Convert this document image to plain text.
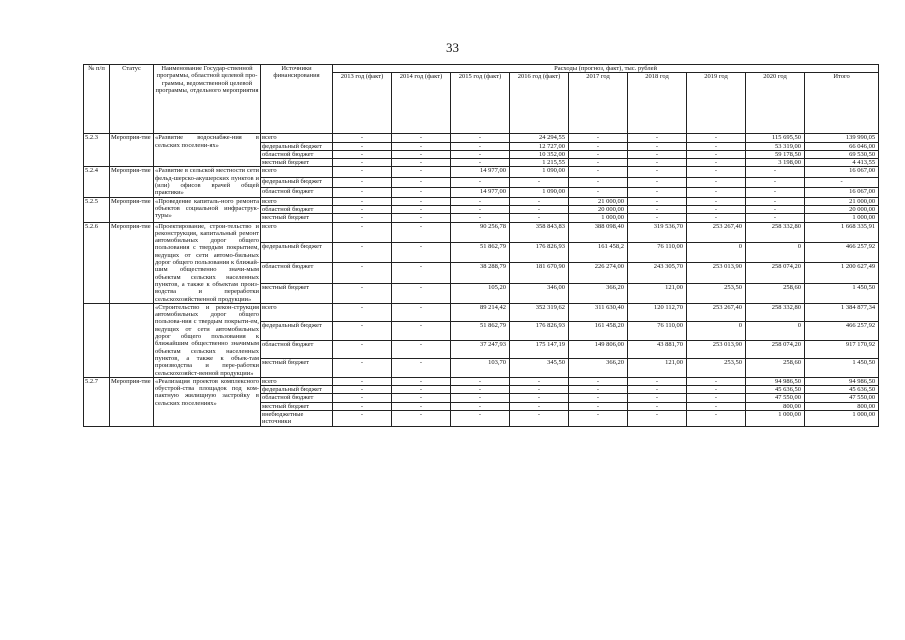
33
№ п/п	Статус	Наименование Государ-ственной программы, областной целевой про-граммы, ведомственной целевой программы, отдельного мероприятия	Источники финансирования	Расходы (прогноз, факт), тыс. рублей								
				2013 год (факт)	2014 год (факт)	2015 год (факт)	2016 год (факт)	2017 год	2018 год	2019 год	2020 год	Итого
5.2.3	Мероприя-тие	«Развитие водоснабже-ния в сельских поселени-ях»	всего	-	-	-	24 294,55	-	-	-	115 695,50	139 990,05
			федеральный бюджет	-	-	-	12 727,00	-	-	-	53 319,00	66 046,00
			областной бюджет	-	-	-	10 352,00	-	-	-	59 178,50	69 530,50
			местный бюджет	-	-	-	1 215,55	-	-	-	3 198,00	4 413,55
5.2.4	Мероприя-тие	«Развитие в сельской местности сети фельд-шерско-акушерских пунктов и (или) офисов врачей общей практики»	всего	-	-	14 977,00	1 090,00	-	-	-	-	16 067,00
			федеральный бюджет	-	-	-	-	-	-	-	-	-
			областной бюджет	-	-	14 977,00	1 090,00	-	-	-	-	16 067,00
5.2.5	Мероприя-тие	«Проведение капиталь-ного ремонта объектов социальной инфраструк-туры»	всего	-	-	-	-	21 000,00	-	-	-	21 000,00
			областной бюджет	-	-	-	-	20 000,00	-	-	-	20 000,00
			местный бюджет	-	-	-	-	1 000,00	-	-	-	1 000,00
5.2.6	Мероприя-тие	«Проектирование, строи-тельство и реконструкция, капитальный ремонт автомобильных дорог общего пользования с твердым покрытием, ведущих от сети автомо-бильных дорог общего пользования к ближай-шим общественно значи-мым объектам сельских населенных пунктов, а также к объектам произ-водства и переработки сельскохозяйственной продукции»	всего	-	-	90 256,78	358 843,83	388 098,40	319 536,70	253 267,40	258 332,80	1 668 335,91
			федеральный бюджет	-	-	51 862,79	176 826,93	161 458,2	76 110,00	0	0	466 257,92
			областной бюджет	-	-	38 288,79	181 670,90	226 274,00	243 305,70	253 013,90	258 074,20	1 200 627,49
			местный бюджет	-	-	105,20	346,00	366,20	121,00	253,50	258,60	1 450,50
		«Строительство и рекон-струкция автомобильных дорог общего пользова-ния с твердым покрыти-ем, ведущих от сети автомобильных дорог общего пользования к ближайшим общественно значимым объектам сельских населенных пунктов, а также к объек-там производства и пере-работки сельскохозяйст-венной продукции»	всего	-	-	89 214,42	352 319,62	311 630,40	120 112,70	253 267,40	258 332,80	1 384 877,34
			федеральный бюджет	-	-	51 862,79	176 826,93	161 458,20	76 110,00	0	0	466 257,92
			областной бюджет	-	-	37 247,93	175 147,19	149 806,00	43 881,70	253 013,90	258 074,20	917 170,92
			местный бюджет	-	-	103,70	345,50	366,20	121,00	253,50	258,60	1 450,50
5.2.7	Мероприя-тие	«Реализация проектов комплексного обустрой-ства площадок под ком-пактную жилищную застройку в сельских поселениях»	всего	-	-	-	-	-	-	-	94 986,50	94 986,50
			федеральный бюджет	-	-	-	-	-	-	-	45 636,50	45 636,50
			областной бюджет	-	-	-	-	-	-	-	47 550,00	47 550,00
			местный бюджет	-	-	-	-	-	-	-	800,00	800,00
			внебюджетные источники	-	-	-	-	-	-	-	1 000,00	1 000,00
